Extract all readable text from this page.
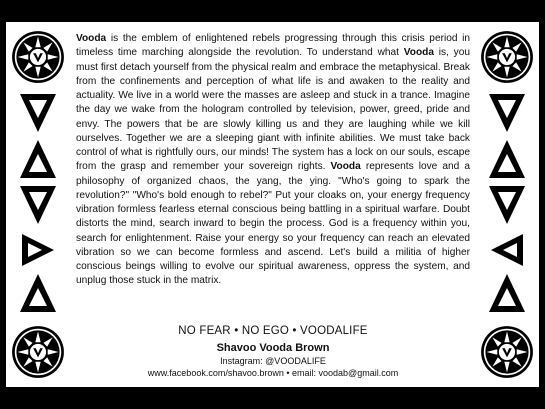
Vooda is the emblem of enlightened rebels progressing through this crisis period in timeless time marching alongside the revolution. To understand what Vooda is, you must first detach yourself from the physical realm and embrace the metaphysical. Break from the confinements and perception of what life is and awaken to the reality and actuality. We live in a world were the masses are asleep and stuck in a trance. Imagine the day we wake from the hologram controlled by television, power, greed, pride and envy. The powers that be are slowly killing us and they are laughing while we kill ourselves. Together we are a sleeping giant with infinite abilities. We must take back control of what is rightfully ours, our minds! The system has a lock on our souls, escape from the grasp and remember your sovereign rights. Vooda represents love and a philosophy of organized chaos, the yang, the ying. "Who's going to spark the revolution?" "Who's bold enough to rebel?" Put your cloaks on, your energy frequency vibration formless fearless eternal conscious being battling in a spiritual warfare. Doubt distorts the mind, search inward to begin the process. God is a frequency within you, search for enlightenment. Raise your energy so your frequency can reach an elevated vibration so we can become formless and ascend. Let's build a militia of higher conscious beings willing to evolve our spiritual awareness, oppress the system, and unplug those stuck in the matrix.
NO FEAR • NO EGO • VOODALIFE
Shavoo Vooda Brown
Instagram: @VOODALIFE
www.facebook.com/shavoo.brown • email: voodab@gmail.com
